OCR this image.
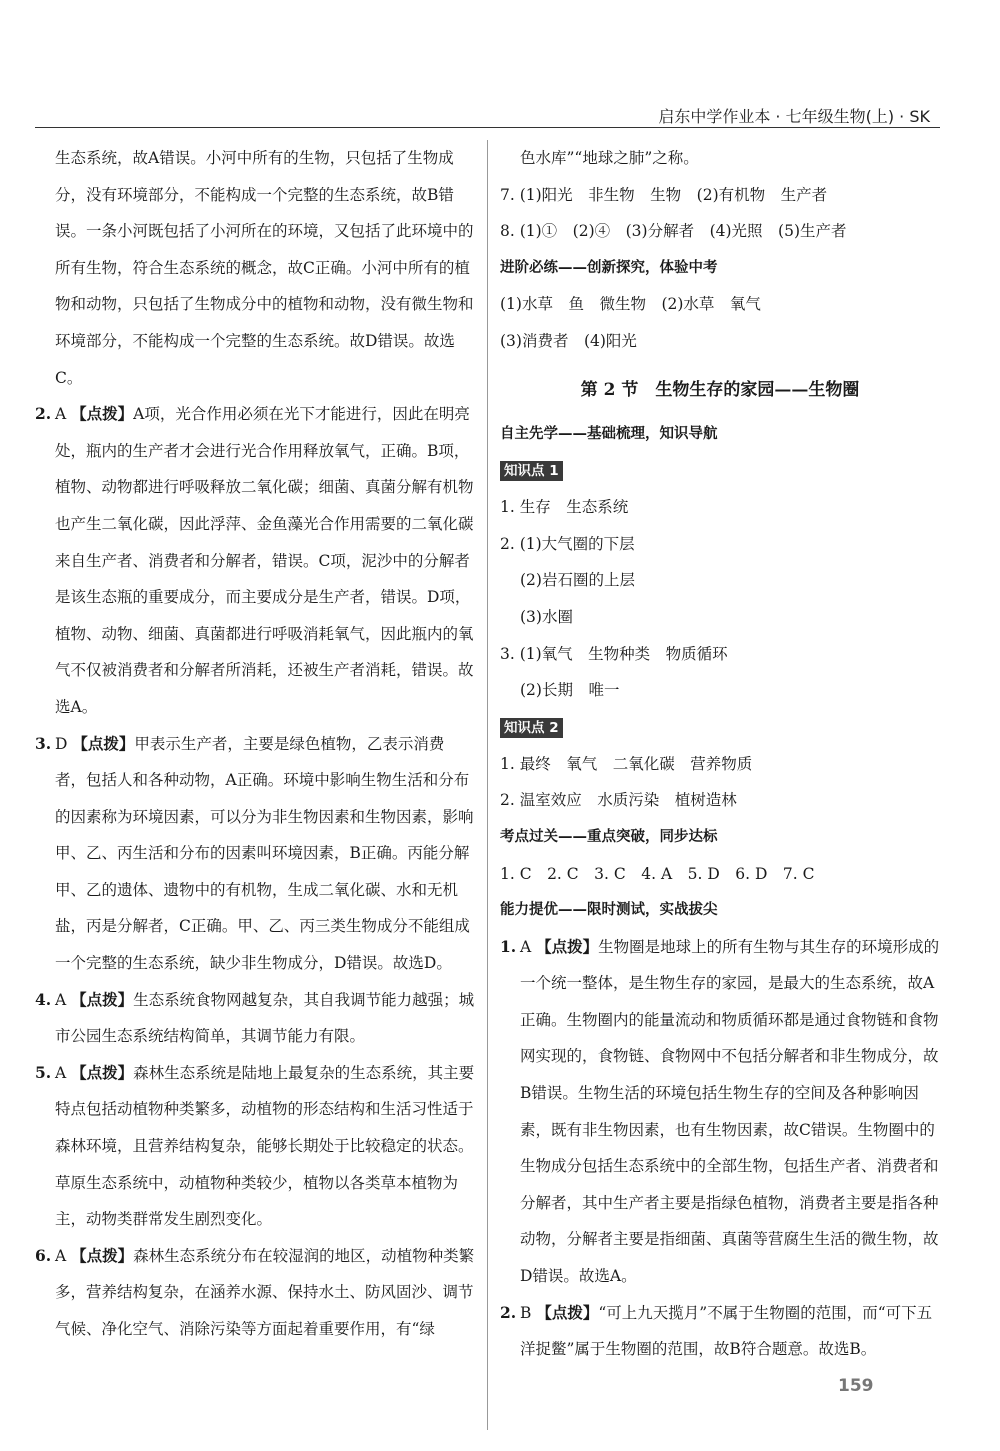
启东中学作业本 · 七年级生物(上) · SK
生态系统，故A错误。小河中所有的生物，只包括了生物成分，没有环境部分，不能构成一个完整的生态系统，故B错误。一条小河既包括了小河所在的环境，又包括了此环境中的所有生物，符合生态系统的概念，故C正确。小河中所有的植物和动物，只包括了生物成分中的植物和动物，没有微生物和环境部分，不能构成一个完整的生态系统。故D错误。故选C。
2. A 【点拨】A项，光合作用必须在光下才能进行，因此在明亮处，瓶内的生产者才会进行光合作用释放氧气，正确。B项，植物、动物都进行呼吸释放二氧化碳；细菌、真菌分解有机物也产生二氧化碳，因此浮萍、金鱼藻光合作用需要的二氧化碳来自生产者、消费者和分解者，错误。C项，泥沙中的分解者是该生态瓶的重要成分，而主要成分是生产者，错误。D项，植物、动物、细菌、真菌都进行呼吸消耗氧气，因此瓶内的氧气不仅被消费者和分解者所消耗，还被生产者消耗，错误。故选A。
3. D 【点拨】甲表示生产者，主要是绿色植物，乙表示消费者，包括人和各种动物，A正确。环境中影响生物生活和分布的因素称为环境因素，可以分为非生物因素和生物因素，影响甲、乙、丙生活和分布的因素叫环境因素，B正确。丙能分解甲、乙的遗体、遗物中的有机物，生成二氧化碳、水和无机盐，丙是分解者，C正确。甲、乙、丙三类生物成分不能组成一个完整的生态系统，缺少非生物成分，D错误。故选D。
4. A 【点拨】生态系统食物网越复杂，其自我调节能力越强；城市公园生态系统结构简单，其调节能力有限。
5. A 【点拨】森林生态系统是陆地上最复杂的生态系统，其主要特点包括动植物种类繁多，动植物的形态结构和生活习性适于森林环境，且营养结构复杂，能够长期处于比较稳定的状态。草原生态系统中，动植物种类较少，植物以各类草本植物为主，动物类群常发生剧烈变化。
6. A 【点拨】森林生态系统分布在较湿润的地区，动植物种类繁多，营养结构复杂，在涵养水源、保持水土、防风固沙、调节气候、净化空气、消除污染等方面起着重要作用，有“绿
色水库”“地球之肺”之称。
7. (1)阳光　非生物　生物　(2)有机物　生产者
8. (1)①　(2)④　(3)分解者　(4)光照　(5)生产者
进阶必练——创新探究，体验中考
(1)水草　鱼　微生物　(2)水草　氧气
(3)消费者　(4)阳光
第 2 节　生物生存的家园——生物圈
自主先学——基础梳理，知识导航
知识点 1
1. 生存　生态系统
2. (1)大气圈的下层
(2)岩石圈的上层
(3)水圈
3. (1)氧气　生物种类　物质循环
(2)长期　唯一
知识点 2
1. 最终　氧气　二氧化碳　营养物质
2. 温室效应　水质污染　植树造林
考点过关——重点突破，同步达标
1. C　2. C　3. C　4. A　5. D　6. D　7. C
能力提优——限时测试，实战拔尖
1. A 【点拨】生物圈是地球上的所有生物与其生存的环境形成的一个统一整体，是生物生存的家园，是最大的生态系统，故A正确。生物圈内的能量流动和物质循环都是通过食物链和食物网实现的，食物链、食物网中不包括分解者和非生物成分，故B错误。生物生活的环境包括生物生存的空间及各种影响因素，既有非生物因素，也有生物因素，故C错误。生物圈中的生物成分包括生态系统中的全部生物，包括生产者、消费者和分解者，其中生产者主要是指绿色植物，消费者主要是指各种动物，分解者主要是指细菌、真菌等营腐生生活的微生物，故D错误。故选A。
2. B 【点拨】“可上九天揽月”不属于生物圈的范围，而“可下五洋捉鳖”属于生物圈的范围，故B符合题意。故选B。
159
